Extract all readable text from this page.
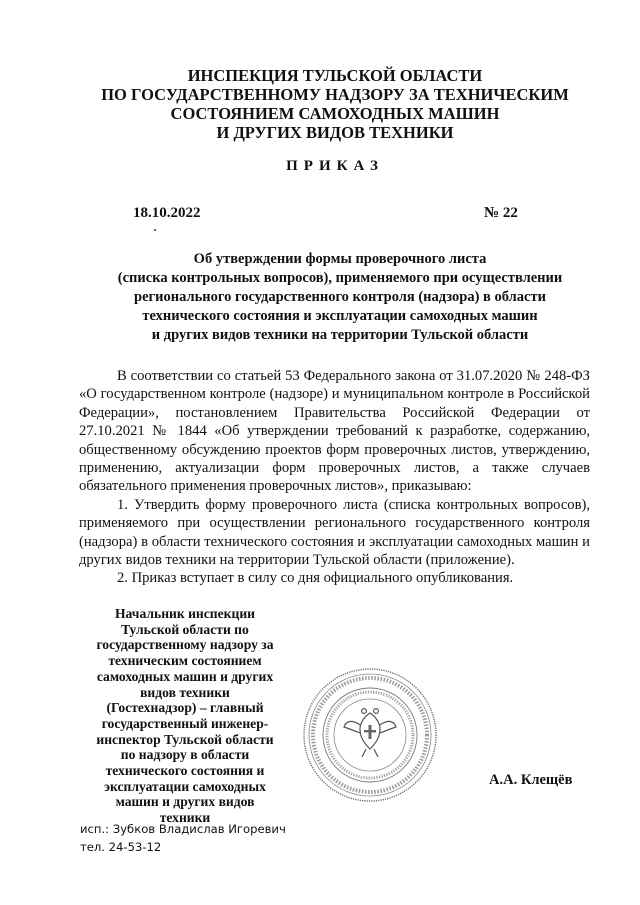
ИНСПЕКЦИЯ ТУЛЬСКОЙ ОБЛАСТИ
ПО ГОСУДАРСТВЕННОМУ НАДЗОРУ ЗА ТЕХНИЧЕСКИМ
СОСТОЯНИЕМ САМОХОДНЫХ МАШИН
И ДРУГИХ ВИДОВ ТЕХНИКИ
ПРИКАЗ
18.10.2022	№ 22
Об утверждении формы проверочного листа
(списка контрольных вопросов), применяемого при осуществлении
регионального государственного контроля (надзора) в области
технического состояния и эксплуатации самоходных машин
и других видов техники на территории Тульской области

В соответствии со статьей 53 Федерального закона от 31.07.2020 № 248-ФЗ «О государственном контроле (надзоре) и муниципальном контроле в Российской Федерации», постановлением Правительства Российской Федерации от 27.10.2021 № 1844 «Об утверждении требований к разработке, содержанию, общественному обсуждению проектов форм проверочных листов, утверждению, применению, актуализации форм проверочных листов, а также случаев обязательного применения проверочных листов», приказываю:

1. Утвердить форму проверочного листа (списка контрольных вопросов), применяемого при осуществлении регионального государственного контроля (надзора) в области технического состояния и эксплуатации самоходных машин и других видов техники на территории Тульской области (приложение).

2. Приказ вступает в силу со дня официального опубликования.

Начальник инспекции
Тульской области по
государственному надзору за
техническим состоянием
самоходных машин и других
видов техники
(Гостехнадзор) – главный
государственный инженер-
инспектор Тульской области
по надзору в области
технического состояния и
эксплуатации самоходных
машин и других видов
техники
А.А. Клещёв
исп.: Зубков Владислав Игоревич
тел. 24-53-12
